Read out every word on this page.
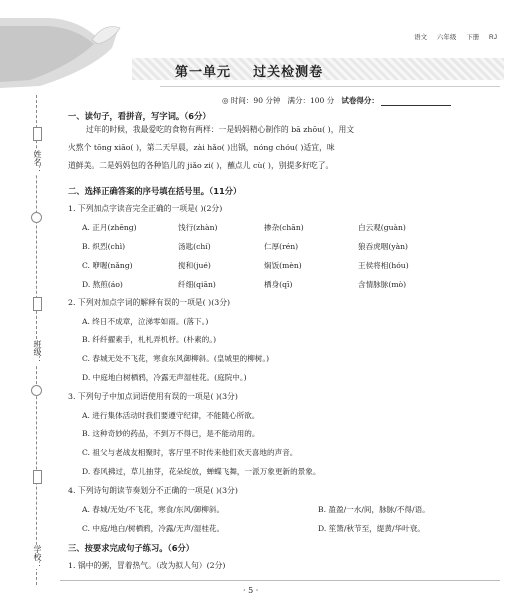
语文 六年级 下册 RJ
第一单元    过关检测卷
◎ 时间：90 分钟 满分：100 分 试卷得分：
姓名：
班级：
学校：
一、读句子，看拼音，写字词。（6分）
过年的时候，我最爱吃的食物有两样：一是妈妈精心制作的 bā zhōu( )，用文
火熬个 tōng xiāo( )，第二天早晨，zài hǎo( )出锅，nóng chóu( )适宜，味
道鲜美。二是妈妈包的各种馅儿的 jiǎo zi( )，蘸点儿 cù( )，别提多好吃了。
二、选择正确答案的序号填在括号里。（11分）
1. 下列加点字读音完全正确的一项是( )(2分)
A. 正月(zhēng)	饯行(zhàn)	掺杂(chān)	白云观(guàn)
B. 炽烈(chì)	汤匙(chí)	仁厚(rén)	狼吞虎咽(yàn)
C. 咿喔(nǎng)	搅和(jué)	焖饭(mèn)	王侯将相(hóu)
D. 熬煎(áo)	纤细(qiān)	栖身(qī)	含情脉脉(mò)
2. 下列对加点字词的解释有误的一项是( )(3分)
A. 终日不成章，泣涕零如雨。(落下。)
B. 纤纤擢素手，札札弄机杼。(朴素的。)
C. 春城无处不飞花，寒食东风御柳斜。(皇城里的柳树。)
D. 中庭地白树栖鸦，冷露无声湿桂花。(庭院中。)
3. 下列句子中加点词语使用有误的一项是( )(3分)
A. 进行集体活动时我们要遵守纪律，不能随心所欲。
B. 这种奇妙的药品，不到万不得已，是不能动用的。
C. 祖父与老战友相聚时，客厅里不时传来他们欢天喜地的声音。
D. 春风拂过，草儿抽芽，花朵绽放，蝉蝶飞舞，一派万象更新的景象。
4. 下列诗句朗读节奏划分不正确的一项是( )(3分)
A. 春城/无处/不飞花，寒食/东风/御柳斜。	B. 盈盈/一水/间，脉脉/不得/语。
C. 中庭/地白/树栖鸦，冷露/无声/湿桂花。	D. 笙箫/秋节至，缇黄/华叶衰。
三、按要求完成句子练习。（6分）
1. 锅中的粥，冒着热气。（改为拟人句）(2分)
· 5 ·
